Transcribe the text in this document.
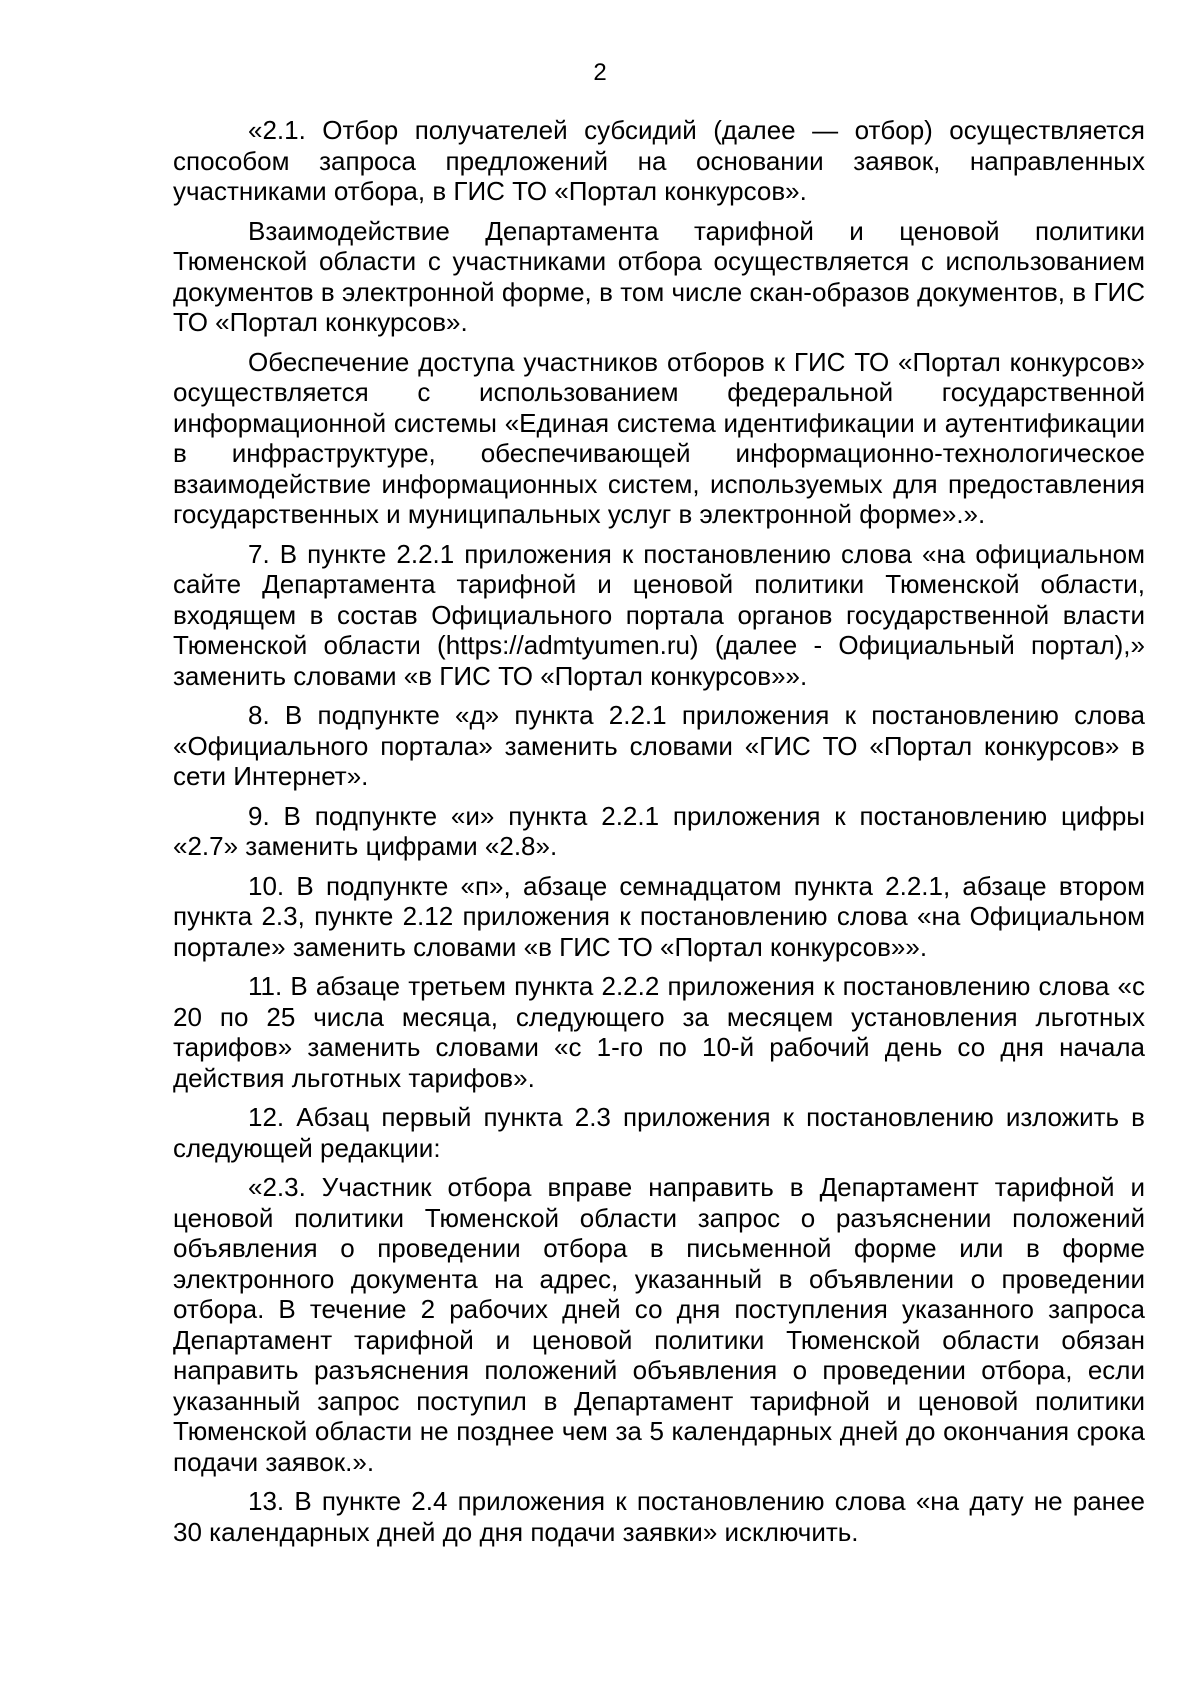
2

«2.1. Отбор получателей субсидий (далее — отбор) осуществляется способом запроса предложений на основании заявок, направленных участниками отбора, в ГИС ТО «Портал конкурсов».

Взаимодействие Департамента тарифной и ценовой политики Тюменской области с участниками отбора осуществляется с использованием документов в электронной форме, в том числе скан-образов документов, в ГИС ТО «Портал конкурсов».

Обеспечение доступа участников отборов к ГИС ТО «Портал конкурсов» осуществляется с использованием федеральной государственной информационной системы «Единая система идентификации и аутентификации в инфраструктуре, обеспечивающей информационно-технологическое взаимодействие информационных систем, используемых для предоставления государственных и муниципальных услуг в электронной форме».».

7. В пункте 2.2.1 приложения к постановлению слова «на официальном сайте Департамента тарифной и ценовой политики Тюменской области, входящем в состав Официального портала органов государственной власти Тюменской области (https://admtyumen.ru) (далее - Официальный портал),» заменить словами «в ГИС ТО «Портал конкурсов»».

8. В подпункте «д» пункта 2.2.1 приложения к постановлению слова «Официального портала» заменить словами «ГИС ТО «Портал конкурсов» в сети Интернет».

9. В подпункте «и» пункта 2.2.1 приложения к постановлению цифры «2.7» заменить цифрами «2.8».

10. В подпункте «п», абзаце семнадцатом пункта 2.2.1, абзаце втором пункта 2.3, пункте 2.12 приложения к постановлению слова «на Официальном портале» заменить словами «в ГИС ТО «Портал конкурсов»».

11. В абзаце третьем пункта 2.2.2 приложения к постановлению слова «с 20 по 25 числа месяца, следующего за месяцем установления льготных тарифов» заменить словами «с 1-го по 10-й рабочий день со дня начала действия льготных тарифов».

12. Абзац первый пункта 2.3 приложения к постановлению изложить в следующей редакции:

«2.3. Участник отбора вправе направить в Департамент тарифной и ценовой политики Тюменской области запрос о разъяснении положений объявления о проведении отбора в письменной форме или в форме электронного документа на адрес, указанный в объявлении о проведении отбора. В течение 2 рабочих дней со дня поступления указанного запроса Департамент тарифной и ценовой политики Тюменской области обязан направить разъяснения положений объявления о проведении отбора, если указанный запрос поступил в Департамент тарифной и ценовой политики Тюменской области не позднее чем за 5 календарных дней до окончания срока подачи заявок.».

13. В пункте 2.4 приложения к постановлению слова «на дату не ранее 30 календарных дней до дня подачи заявки» исключить.
